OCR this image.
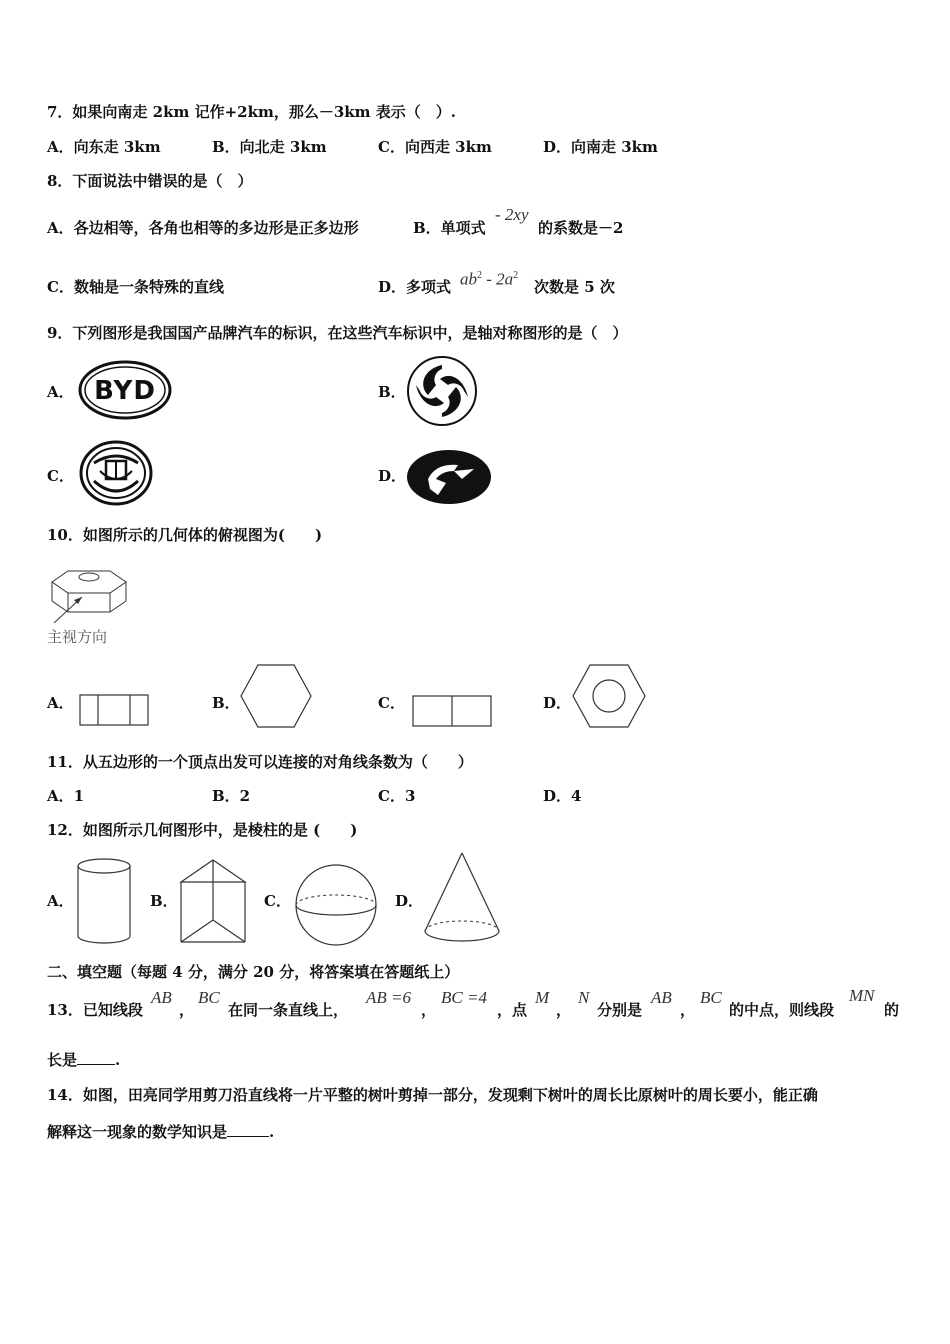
7．如果向南走 2km 记作+2km，那么－3km 表示（　）.
A．向东走 3km	B．向北走 3km	C．向西走 3km	D．向南走 3km
8．下面说法中错误的是（　）
A．各边相等，各角也相等的多边形是正多边形	B．单项式
- 2xy
的系数是－2
C．数轴是一条特殊的直线	D．多项式 $ab^2 - 2a^2$
次数是 5 次
9．下列图形是我国国产品牌汽车的标识，在这些汽车标识中，是轴对称图形的是（　）
A． BYD	B．
C．	D．
10．如图所示的几何体的俯视图为(　　)
主视方向
A．	B．	C．	D．
11．从五边形的一个顶点出发可以连接的对角线条数为（　　）
A．1	B．2	C．3	D．4
12．如图所示几何图形中，是棱柱的是 (　　)
A．	B．	C．	D．
二、填空题（每题 4 分，满分 20 分，将答案填在答题纸上）
13．已知线段
AB
，
BC
在同一条直线上，
AB =6
，
BC =4
，点
M
，
N
分别是
AB
，
BC
的中点，则线段
MN
的
长是	.
14．如图，田亮同学用剪刀沿直线将一片平整的树叶剪掉一部分，发现剩下树叶的周长比原树叶的周长要小，能正确
解释这一现象的数学知识是	.
